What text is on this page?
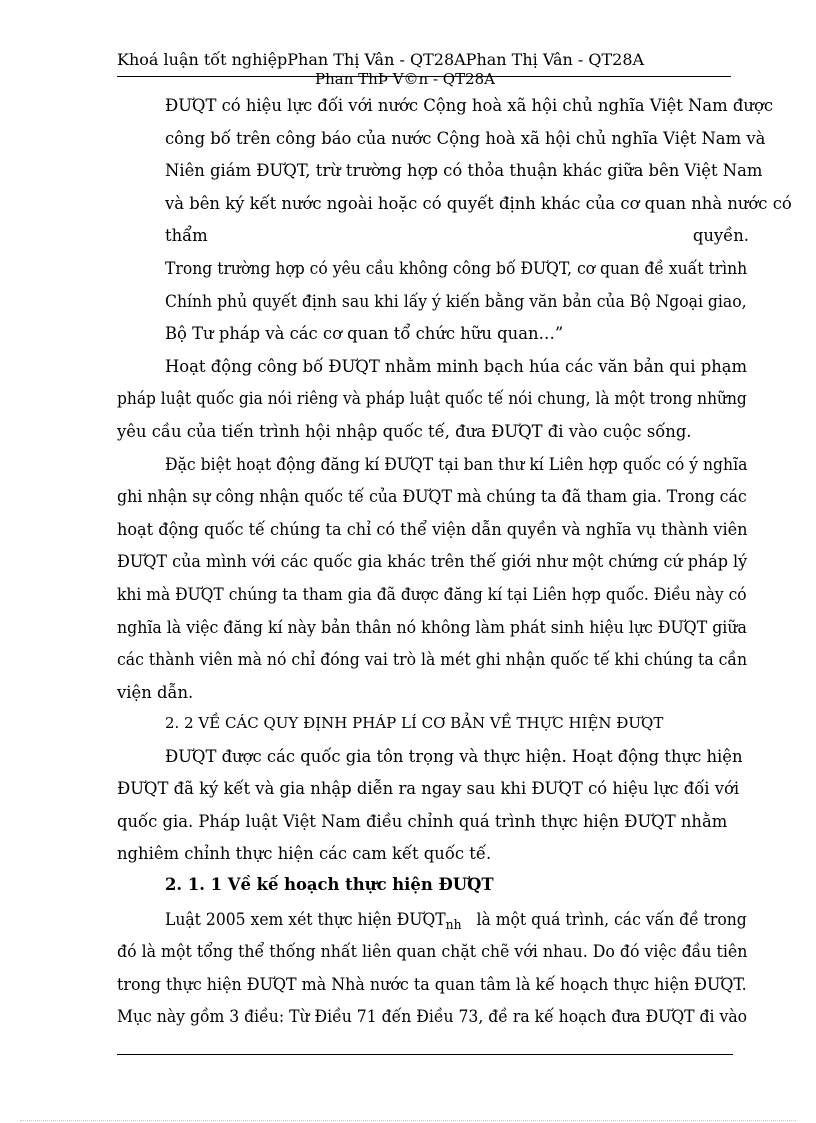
Khoá luận tốt nghiệpPhan Thị Vân - QT28APhan Thị Vân - QT28A
Phan ThÞ V©n - QT28A
ĐƯQT có hiệu lực đối với nước Cộng hoà xã hội chủ nghĩa Việt Nam được
công bố trên công báo của nước Cộng hoà xã hội chủ nghĩa Việt Nam và
Niên giám ĐƯQT, trừ trường hợp có thỏa thuận khác giữa bên Việt Nam
và bên ký kết nước ngoài hoặc có quyết định khác của cơ quan nhà nước có
thẩm	quyền.
Trong trường hợp có yêu cầu không công bố ĐƯQT, cơ quan đề xuất trình
Chính phủ quyết định sau khi lấy ý kiến bằng văn bản của Bộ Ngoại giao,
Bộ Tư pháp và các cơ quan tổ chức hữu quan…”
Hoạt động công bố ĐƯQT nhằm minh bạch húa các văn bản qui phạm
pháp luật quốc gia nói riêng và pháp luật quốc tế nói chung, là một trong những
yêu cầu của tiến trình hội nhập quốc tế, đưa ĐƯQT đi vào cuộc sống.
Đặc biệt hoạt động đăng kí ĐƯQT tại ban thư kí Liên hợp quốc có ý nghĩa
ghi nhận sự công nhận quốc tế của ĐƯQT mà chúng ta đã tham gia. Trong các
hoạt động quốc tế chúng ta chỉ có thể viện dẫn quyền và nghĩa vụ thành viên
ĐƯQT của mình với các quốc gia khác trên thế giới như một chứng cứ pháp lý
khi mà ĐƯQT chúng ta tham gia đã được đăng kí tại Liên hợp quốc. Điều này có
nghĩa là việc đăng kí này bản thân nó không làm phát sinh hiệu lực ĐƯQT giữa
các thành viên mà nó chỉ đóng vai trò là mét ghi nhận quốc tế khi chúng ta cần
viện dẫn.
2. 2 VỀ CÁC QUY ĐỊNH PHÁP LÍ CƠ BẢN VỀ THỰC HIỆN ĐƯQT
ĐƯQT được các quốc gia tôn trọng và thực hiện. Hoạt động thực hiện
ĐƯQT đã ký kết và gia nhập diễn ra ngay sau khi ĐƯQT có hiệu lực đối với
quốc gia. Pháp luật Việt Nam điều chỉnh quá trình thực hiện ĐƯQT nhằm
nghiêm chỉnh thực hiện các cam kết quốc tế.
2. 1. 1 Về kế hoạch thực hiện ĐƯQT
Luật 2005 xem xét thực hiện $ĐƯQT_{nh}$ là một quá trình, các vấn đề trong
đó là một tổng thể thống nhất liên quan chặt chẽ với nhau. Do đó việc đầu tiên
trong thực hiện ĐƯQT mà Nhà nước ta quan tâm là kế hoạch thực hiện ĐƯQT.
Mục này gồm 3 điều: Từ Điều 71 đến Điều 73, đề ra kế hoạch đưa ĐƯQT đi vào
